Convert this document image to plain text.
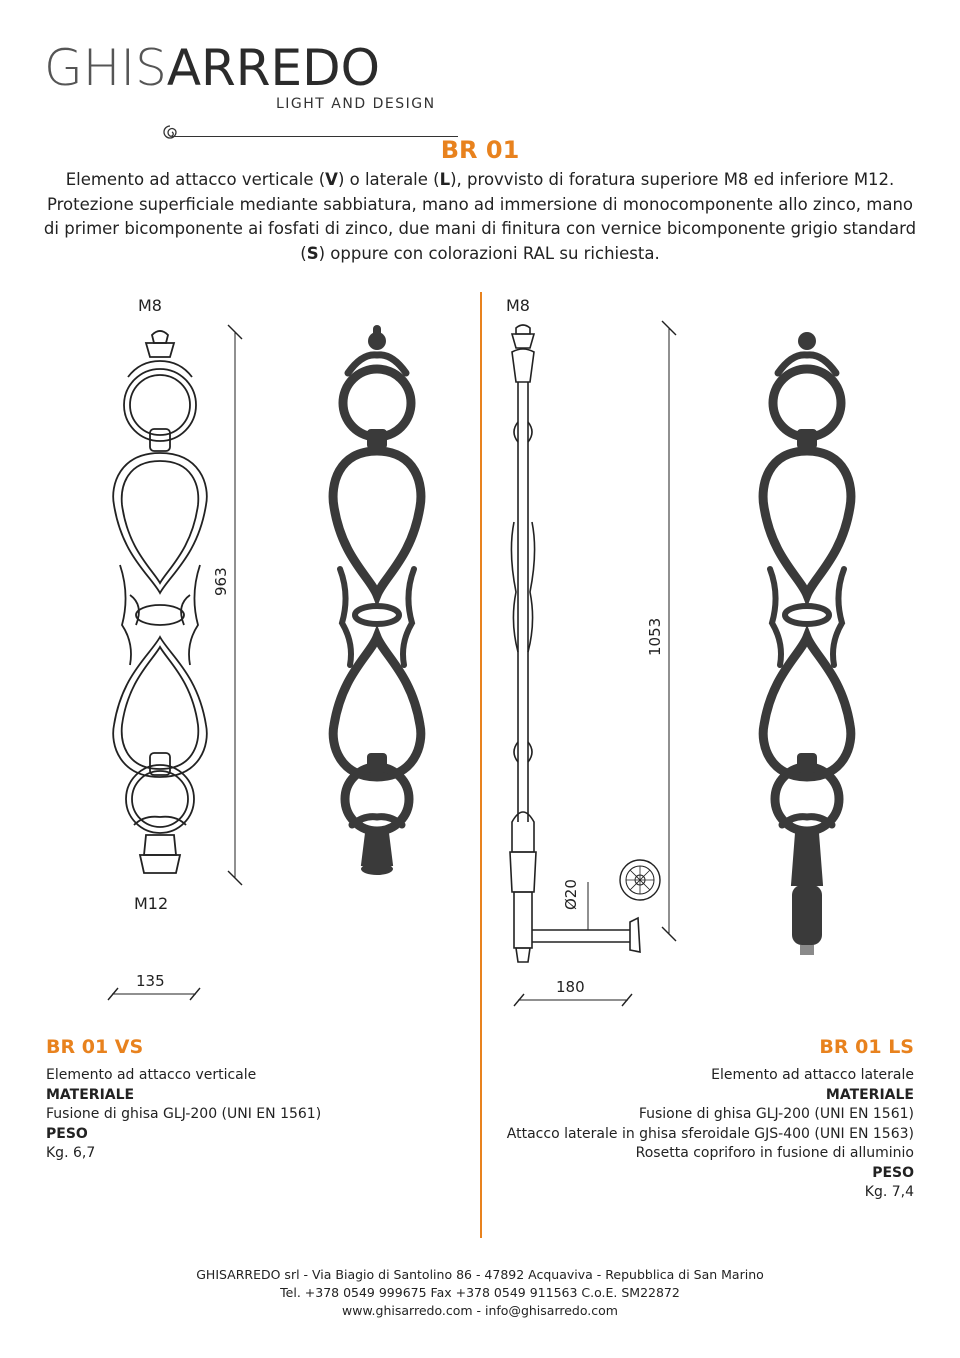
GHISARREDO
LIGHT AND DESIGN
BR 01
Elemento ad attacco verticale (V) o laterale (L), provvisto di foratura superiore M8 ed inferiore M12. Protezione superficiale mediante sabbiatura, mano ad immersione di monocomponente allo zinco, mano di primer bicomponente ai fosfati di zinco, due mani di finitura con vernice bicomponente grigio standard (S) oppure con colorazioni RAL su richiesta.
M8
M12
963
135
M8
Ø20
1053
180
BR 01 VS
Elemento ad attacco verticale
MATERIALE
Fusione di ghisa GLJ-200 (UNI EN 1561)
PESO
Kg. 6,7
BR 01 LS
Elemento ad attacco laterale
MATERIALE
Fusione di ghisa GLJ-200 (UNI EN 1561)
Attacco laterale in ghisa sferoidale GJS-400 (UNI EN 1563)
Rosetta copriforo in fusione di alluminio
PESO
Kg. 7,4
GHISARREDO srl - Via Biagio di Santolino 86 - 47892 Acquaviva - Repubblica di San Marino
Tel. +378 0549 999675 Fax +378 0549 911563 C.o.E. SM22872
www.ghisarredo.com - info@ghisarredo.com
